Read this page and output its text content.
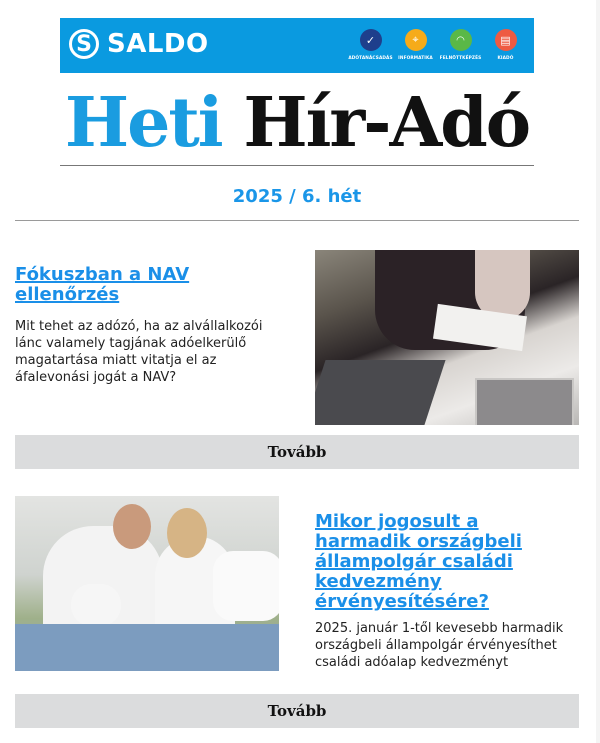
S SALDO	✓
ADÓTANÁCSADÁS
⌖
INFORMATIKA
◠
FELNŐTTKÉPZÉS
▤
KIADÓ
Heti Hír-Adó
2025 / 6. hét
Fókuszban a NAV ellenőrzés

Mit tehet az adózó, ha az alvállalkozói lánc valamely tagjának adóelkerülő magatartása miatt vitatja el az áfalevonási jogát a NAV?

Tovább
Mikor jogosult a harmadik országbeli állampolgár családi kedvezmény érvényesítésére?

2025. január 1-től kevesebb harmadik országbeli állampolgár érvényesíthet családi adóalap kedvezményt

Tovább
